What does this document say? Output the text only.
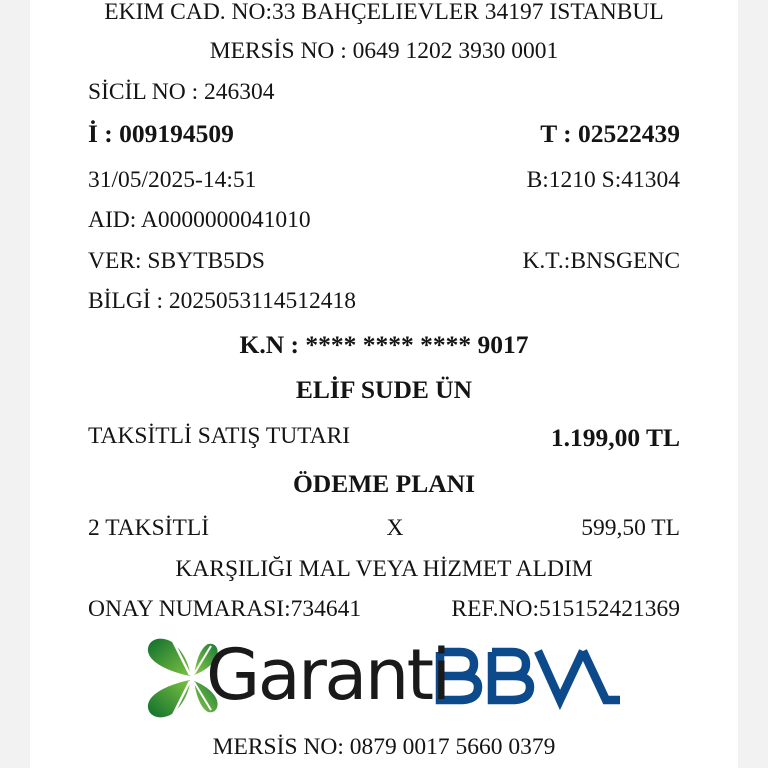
EKIM CAD. NO:33 BAHÇELIEVLER 34197 ISTANBUL
MERSİS NO : 0649 1202 3930 0001
SİCİL NO : 246304
İ : 009194509	T : 02522439
31/05/2025-14:51	B:1210 S:41304
AID: A0000000041010
VER: SBYTB5DS	K.T.:BNSGENC
BİLGİ : 2025053114512418
K.N : **** **** **** 9017
ELİF SUDE ÜN
TAKSİTLİ SATIŞ TUTARI	1.199,00 TL
ÖDEME PLANI
2 TAKSİTLİ	X	599,50 TL
KARŞILIĞI MAL VEYA HİZMET ALDIM
ONAY NUMARASI:734641	REF.NO:515152421369
Garanti
MERSİS NO: 0879 0017 5660 0379
